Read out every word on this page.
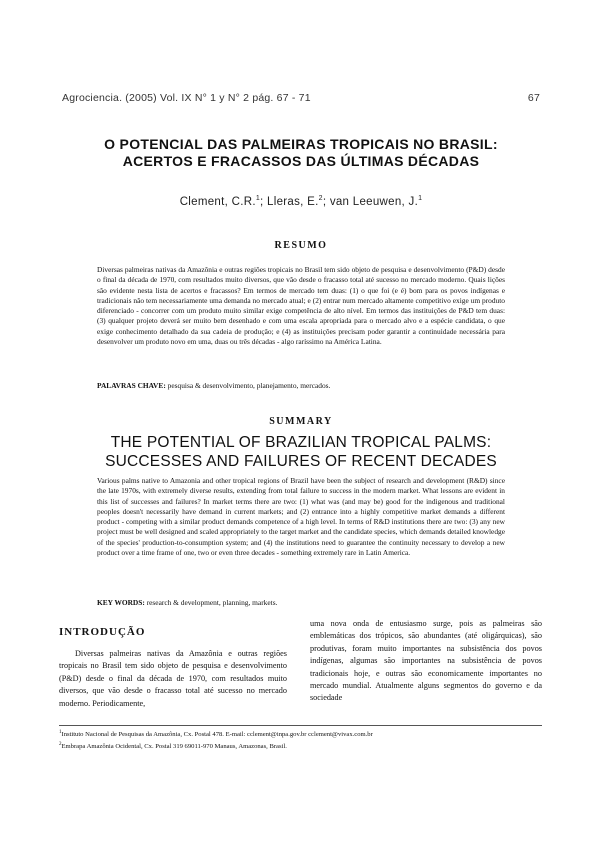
Agrociencia. (2005) Vol. IX N° 1 y N° 2 pág. 67 - 71	67
O POTENCIAL DAS PALMEIRAS TROPICAIS NO BRASIL:
ACERTOS E FRACASSOS DAS ÚLTIMAS DÉCADAS
Clement, C.R.$^1$; Lleras, E.$^2$; van Leeuwen, J.$^1$
RESUMO

Diversas palmeiras nativas da Amazônia e outras regiões tropicais no Brasil tem sido objeto de pesquisa e desenvolvimento (P&D) desde o final da década de 1970, com resultados muito diversos, que vão desde o fracasso total até sucesso no mercado moderno. Quais lições são evidente nesta lista de acertos e fracassos? Em termos de mercado tem duas: (1) o que foi (e é) bom para os povos indígenas e tradicionais não tem necessariamente uma demanda no mercado atual; e (2) entrar num mercado altamente competitivo exige um produto diferenciado - concorrer com um produto muito similar exige competência de alto nível. Em termos das instituições de P&D tem duas: (3) qualquer projeto deverá ser muito bem desenhado e com uma escala apropriada para o mercado alvo e a espécie candidata, o que exige conhecimento detalhado da sua cadeia de produção; e (4) as instituições precisam poder garantir a continuidade necessária para desenvolver um produto novo em uma, duas ou três décadas - algo raríssimo na América Latina.

PALAVRAS CHAVE: pesquisa & desenvolvimento, planejamento, mercados.

SUMMARY
THE POTENTIAL OF BRAZILIAN TROPICAL PALMS:
SUCCESSES AND FAILURES OF RECENT DECADES

Various palms native to Amazonia and other tropical regions of Brazil have been the subject of research and development (R&D) since the late 1970s, with extremely diverse results, extending from total failure to success in the modern market. What lessons are evident in this list of successes and failures? In market terms there are two: (1) what was (and may be) good for the indigenous and traditional peoples doesn't necessarily have demand in current markets; and (2) entrance into a highly competitive market demands a different product - competing with a similar product demands competence of a high level. In terms of R&D institutions there are two: (3) any new project must be well designed and scaled appropriately to the target market and the candidate species, which demands detailed knowledge of the species' production-to-consumption system; and (4) the institutions need to guarantee the continuity necessary to develop a new product over a time frame of one, two or even three decades - something extremely rare in Latin America.

KEY WORDS: research & development, planning, markets.

INTRODUÇÃO

Diversas palmeiras nativas da Amazônia e outras regiões tropicais no Brasil tem sido objeto de pesquisa e desenvolvimento (P&D) desde o final da década de 1970, com resultados muito diversos, que vão desde o fracasso total até sucesso no mercado moderno. Periodicamente,

uma nova onda de entusiasmo surge, pois as palmeiras são emblemáticas dos trópicos, são abundantes (até oligárquicas), são produtivas, foram muito importantes na subsistência dos povos indígenas, algumas são importantes na subsistência de povos tradicionais hoje, e outras são economicamente importantes no mercado mundial. Atualmente alguns segmentos do governo e da sociedade

$^1$Instituto Nacional de Pesquisas da Amazônia, Cx. Postal 478. E-mail: cclement@inpa.gov.br cclement@vivax.com.br
$^2$Embrapa Amazônia Ocidental, Cx. Postal 319 69011-970 Manaus, Amazonas, Brasil.
